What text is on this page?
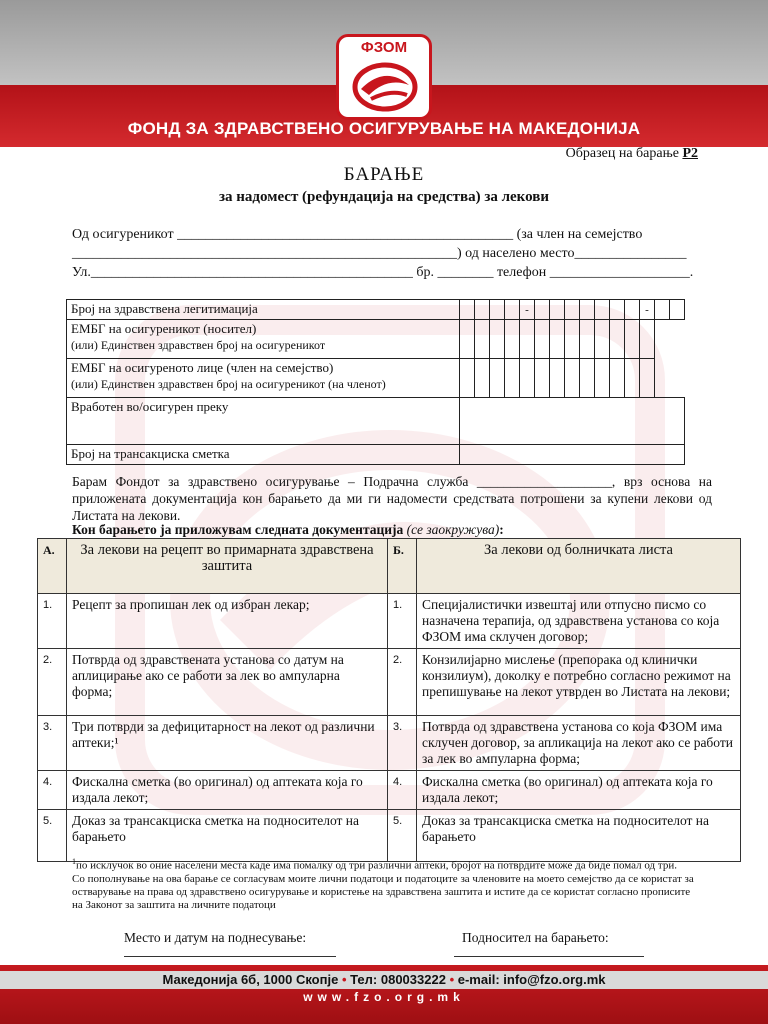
ФЗОМ
ФОНД ЗА ЗДРАВСТВЕНО ОСИГУРУВАЊЕ НА МАКЕДОНИЈА
Образец на барање P2
БАРАЊЕ
за надомест (рефундација на средства) за лекови
Од осигуреникот ________________________________________________ (за член на семејство
_______________________________________________________) од населено место________________
Ул.______________________________________________ бр. ________ телефон ____________________.
Број на здравствена легитимација					-								-		

ЕМБГ на осигуреникот (носител)
(или) Единствен здравствен број на осигуреникот															

ЕМБГ на осигуреното лице (член на семејство)
(или) Единствен здравствен број на осигуреникот (на членот)															

Вработен во/осигурен преку															
Број на трансакциска сметка															
Барам Фондот за здравствено осигурување – Подрачна служба ____________________, врз основа на приложената документација кон барањето да ми ги надомести средствата потрошени за купени лекови од Листата на лекови.
Кон барањето ја приложувам следната документација (се заокружува):
А.	За лекови на рецепт во примарната здравствена заштита	Б.	За лекови од болничката листа

1.	Рецепт за пропишан лек од избран лекар;	1.	Специјалистички извештај или отпусно писмо со назначена терапија, од здравствена установа со која ФЗОМ има склучен договор;
2.	Потврда од здравствената установа со датум на аплицирање ако се работи за лек во ампуларна форма;	2.	Конзилијарно мислење (препорака од клинички конзилиум), доколку е потребно согласно режимот на препишување на лекот утврден во Листата на лекови;
3.	Три потврди за дефицитарност на лекот од различни аптеки;¹	3.	Потврда од здравствена установа со која ФЗОМ има склучен договор, за апликација на лекот ако се работи за лек во ампуларна форма;
4.	Фискална сметка (во оригинал) од аптеката која го издала лекот;	4.	Фискална сметка (во оригинал) од аптеката која го издала лекот;
5.	Доказ за трансакциска сметка на подносителот на барањето	5.	Доказ за трансакциска сметка на подносителот на барањето
$^1$по исклучок во оние населени места каде има помалку од три различни аптеки, бројот на потврдите може да биде помал од три.
Со пополнување на ова барање се согласувам моите лични податоци и податоците за членовите на моето семејство да се користат за остварување на права од здравствено осигурување и користење на здравствена заштита и истите да се користат согласно прописите на Законот за заштита на личните податоци
Место и датум на поднесување:	Подносител на барањето:
Македонија 6б, 1000 Скопје • Тел: 080033222 • e-mail: info@fzo.org.mk
www.fzo.org.mk
